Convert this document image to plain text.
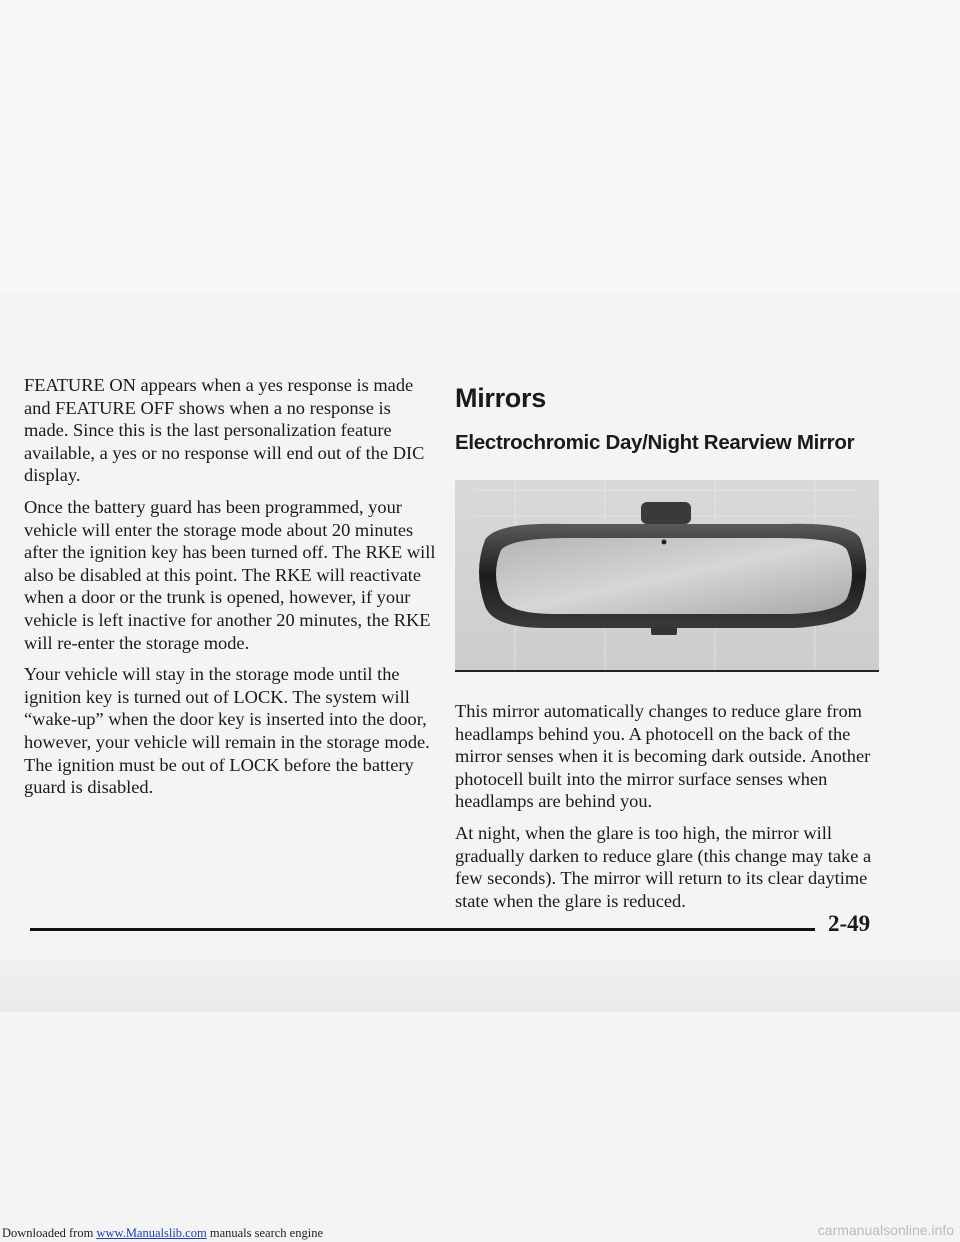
FEATURE ON appears when a yes response is made and FEATURE OFF shows when a no response is made. Since this is the last personalization feature available, a yes or no response will end out of the DIC display.

Once the battery guard has been programmed, your vehicle will enter the storage mode about 20 minutes after the ignition key has been turned off. The RKE will also be disabled at this point. The RKE will reactivate when a door or the trunk is opened, however, if your vehicle is left inactive for another 20 minutes, the RKE will re-enter the storage mode.

Your vehicle will stay in the storage mode until the ignition key is turned out of LOCK. The system will “wake-up” when the door key is inserted into the door, however, your vehicle will remain in the storage mode. The ignition must be out of LOCK before the battery guard is disabled.

Mirrors
Electrochromic Day/Night Rearview Mirror

This mirror automatically changes to reduce glare from headlamps behind you. A photocell on the back of the mirror senses when it is becoming dark outside. Another photocell built into the mirror surface senses when headlamps are behind you.

At night, when the glare is too high, the mirror will gradually darken to reduce glare (this change may take a few seconds). The mirror will return to its clear daytime state when the glare is reduced.

2-49
Downloaded from www.Manualslib.com manuals search engine	carmanualsonline.info
